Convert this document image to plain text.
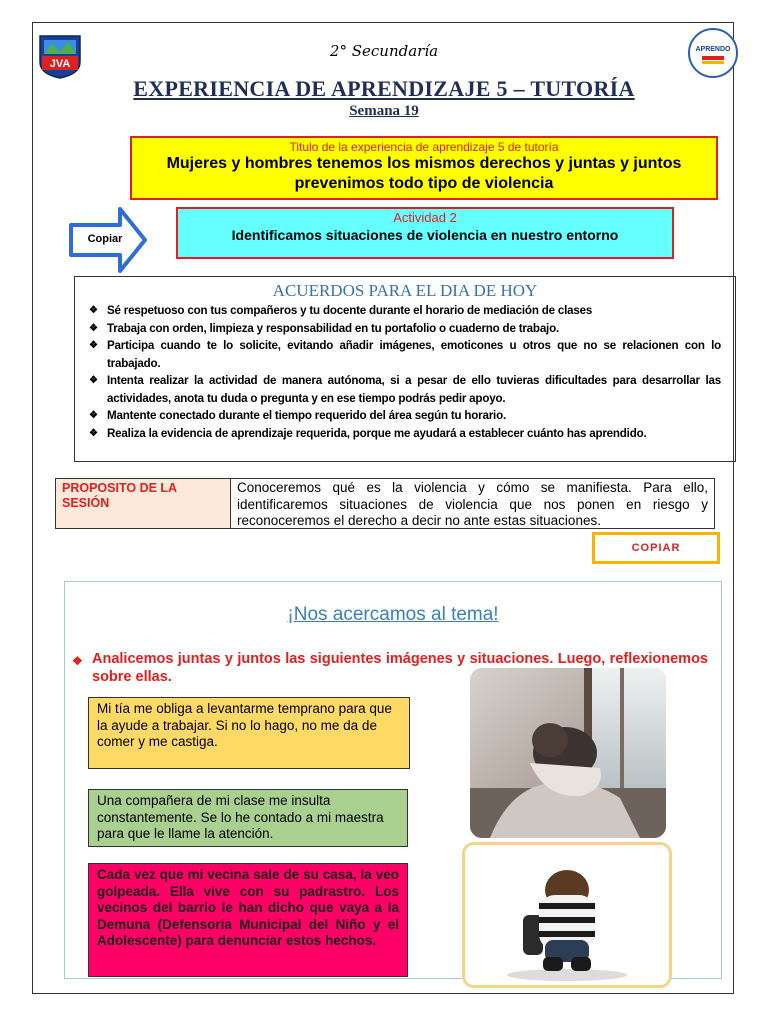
JVA
2° Secundaría	APRENDO
EXPERIENCIA DE APRENDIZAJE 5 – TUTORÍA
Semana 19
Titulo de la experiencia de aprendizaje 5 de tutoría
Mujeres y hombres tenemos los mismos derechos y juntas y juntos
prevenimos todo tipo de violencia
Copiar
Actividad 2
Identificamos situaciones de violencia en nuestro entorno
ACUERDOS PARA EL DIA DE HOY
❖ Sé respetuoso con tus compañeros y tu docente durante el horario de mediación de clases
❖ Trabaja con orden, limpieza y responsabilidad en tu portafolio o cuaderno de trabajo.
❖ Participa cuando te lo solicite, evitando añadir imágenes, emoticones u otros que no se relacionen con lo trabajado.
❖ Intenta realizar la actividad de manera autónoma, si a pesar de ello tuvieras dificultades para desarrollar las actividades, anota tu duda o pregunta y en ese tiempo podrás pedir apoyo.
❖ Mantente conectado durante el tiempo requerido del área según tu horario.
❖ Realiza la evidencia de aprendizaje requerida, porque me ayudará a establecer cuánto has aprendido.
PROPOSITO DE LA SESIÓN
Conoceremos qué es la violencia y cómo se manifiesta. Para ello, identificaremos situaciones de violencia que nos ponen en riesgo y reconoceremos el derecho a decir no ante estas situaciones.
COPIAR
¡Nos acercamos al tema!
❖ Analicemos juntas y juntos las siguientes imágenes y situaciones. Luego, reflexionemos sobre ellas.
Mi tía me obliga a levantarme temprano para que la ayude a trabajar. Si no lo hago, no me da de comer y me castiga.
Una compañera de mi clase me insulta constantemente. Se lo he contado a mi maestra para que le llame la atención.
Cada vez que mi vecina sale de su casa, la veo golpeada. Ella vive con su padrastro. Los vecinos del barrio le han dicho que vaya a la Demuna (Defensoría Municipal del Niño y el Adolescente) para denunciar estos hechos.
